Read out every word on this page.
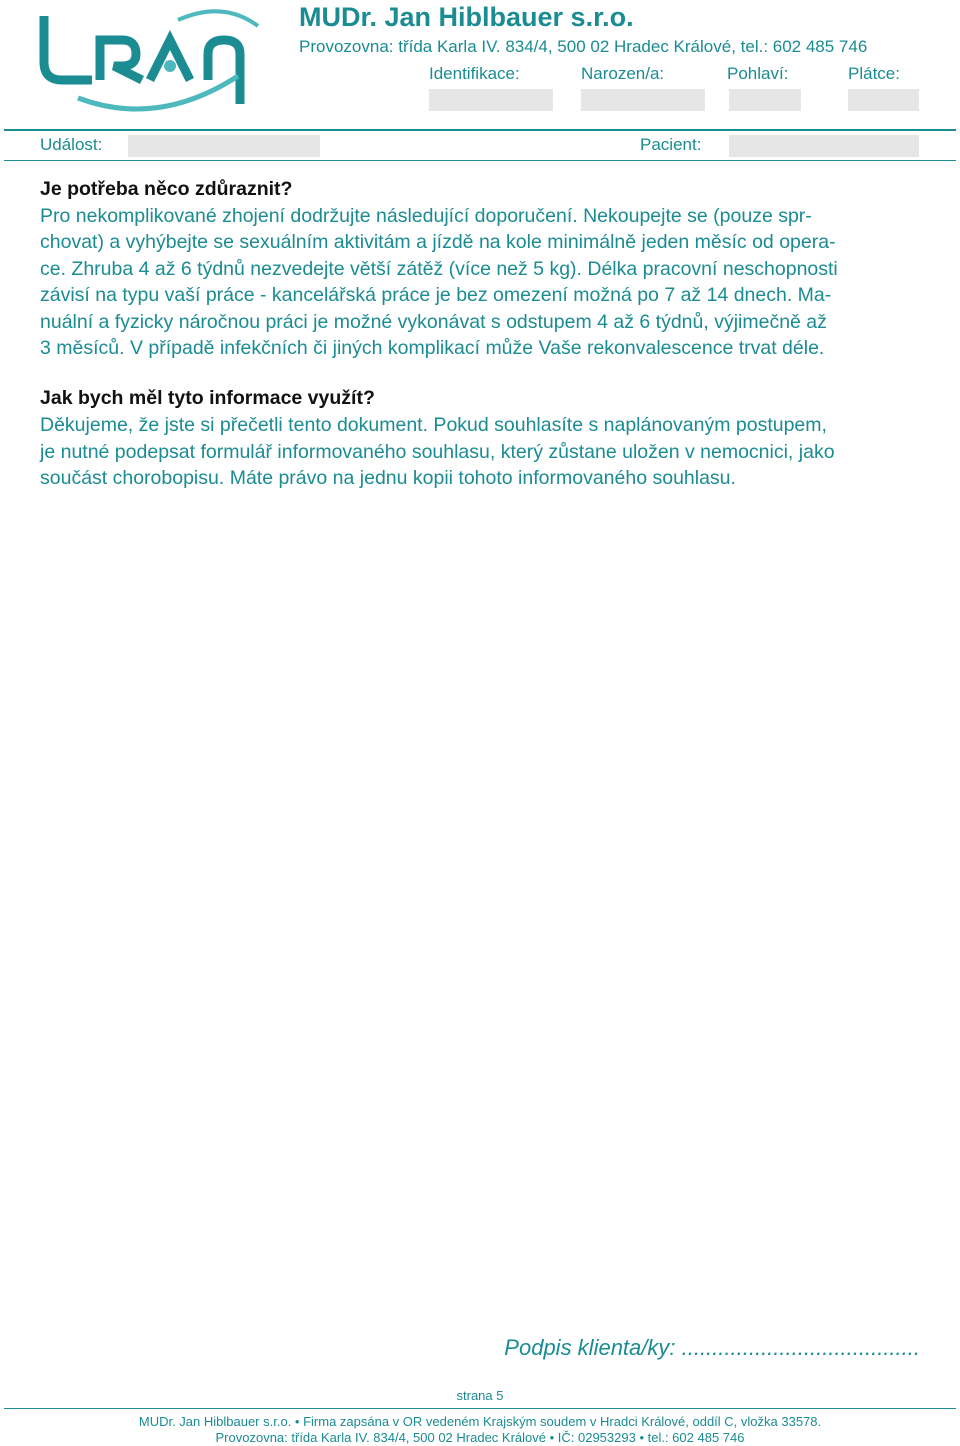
MUDr. Jan Hiblbauer s.r.o.
Provozovna: třída Karla IV. 834/4, 500 02 Hradec Králové, tel.: 602 485 746
Identifikace:	Narozen/a:	Pohlaví:	Plátce:
Událost:	Pacient:
Je potřeba něco zdůraznit?

Pro nekomplikované zhojení dodržujte následující doporučení. Nekoupejte se (pouze spr-
chovat) a vyhýbejte se sexuálním aktivitám a jízdě na kole minimálně jeden měsíc od opera-
ce. Zhruba 4 až 6 týdnů nezvedejte větší zátěž (více než 5 kg). Délka pracovní neschopnosti
závisí na typu vaší práce - kancelářská práce je bez omezení možná po 7 až 14 dnech. Ma-
nuální a fyzicky náročnou práci je možné vykonávat s odstupem 4 až 6 týdnů, výjimečně až
3 měsíců. V případě infekčních či jiných komplikací může Vaše rekonvalescence trvat déle.

Jak bych měl tyto informace využít?

Děkujeme, že jste si přečetli tento dokument. Pokud souhlasíte s naplánovaným postupem,
je nutné podepsat formulář informovaného souhlasu, který zůstane uložen v nemocnici, jako
součást chorobopisu. Máte právo na jednu kopii tohoto informovaného souhlasu.

Podpis klienta/ky: .......................................
strana 5
MUDr. Jan Hiblbauer s.r.o. • Firma zapsána v OR vedeném Krajským soudem v Hradci Králové, oddíl C, vložka 33578.
Provozovna: třída Karla IV. 834/4, 500 02 Hradec Králové • IČ: 02953293 • tel.: 602 485 746
